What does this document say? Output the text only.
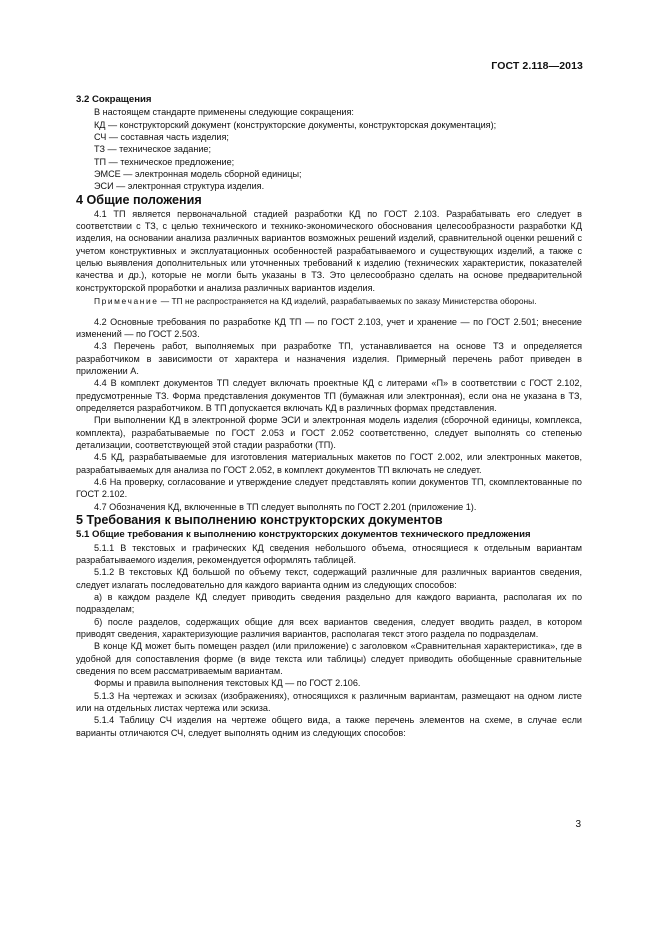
ГОСТ 2.118—2013

3.2 Сокращения

В настоящем стандарте применены следующие сокращения:

КД — конструкторский документ (конструкторские документы, конструкторская документация);

СЧ — составная часть изделия;

ТЗ — техническое задание;

ТП — техническое предложение;

ЭМСЕ — электронная модель сборной единицы;

ЭСИ — электронная структура изделия.

4 Общие положения

4.1 ТП является первоначальной стадией разработки КД по ГОСТ 2.103. Разрабатывать его следует в соответствии с ТЗ, с целью технического и технико-экономического обоснования целесообразности разработки КД изделия, на основании анализа различных вариантов возможных решений изделий, сравнительной оценки решений с учетом конструктивных и эксплуатационных особенностей разрабатываемого и существующих изделий, а также с целью выявления дополнительных или уточненных требований к изделию (технических характеристик, показателей качества и др.), которые не могли быть указаны в ТЗ. Это целесообразно сделать на основе предварительной конструкторской проработки и анализа различных вариантов изделия.

Примечание — ТП не распространяется на КД изделий, разрабатываемых по заказу Министерства обороны.

4.2 Основные требования по разработке КД ТП — по ГОСТ 2.103, учет и хранение — по ГОСТ 2.501; внесение изменений — по ГОСТ 2.503.

4.3 Перечень работ, выполняемых при разработке ТП, устанавливается на основе ТЗ и определяется разработчиком в зависимости от характера и назначения изделия. Примерный перечень работ приведен в приложении А.

4.4 В комплект документов ТП следует включать проектные КД с литерами «П» в соответствии с ГОСТ 2.102, предусмотренные ТЗ. Форма представления документов ТП (бумажная или электронная), если она не указана в ТЗ, определяется разработчиком. В ТП допускается включать КД в различных формах представления.

При выполнении КД в электронной форме ЭСИ и электронная модель изделия (сборочной единицы, комплекса, комплекта), разрабатываемые по ГОСТ 2.053 и ГОСТ 2.052 соответственно, следует выполнять со степенью детализации, соответствующей этой стадии разработки (ТП).

4.5 КД, разрабатываемые для изготовления материальных макетов по ГОСТ 2.002, или электронных макетов, разрабатываемых для анализа по ГОСТ 2.052, в комплект документов ТП включать не следует.

4.6 На проверку, согласование и утверждение следует представлять копии документов ТП, скомплектованные по ГОСТ 2.102.

4.7 Обозначения КД, включенные в ТП следует выполнять по ГОСТ 2.201 (приложение 1).

5 Требования к выполнению конструкторских документов

5.1 Общие требования к выполнению конструкторских документов технического предложения

5.1.1 В текстовых и графических КД сведения небольшого объема, относящиеся к отдельным вариантам разрабатываемого изделия, рекомендуется оформлять таблицей.

5.1.2 В текстовых КД большой по объему текст, содержащий различные для различных вариантов сведения, следует излагать последовательно для каждого варианта одним из следующих способов:

а) в каждом разделе КД следует приводить сведения раздельно для каждого варианта, располагая их по подразделам;

б) после разделов, содержащих общие для всех вариантов сведения, следует вводить раздел, в котором приводят сведения, характеризующие различия вариантов, располагая текст этого раздела по подразделам.

В конце КД может быть помещен раздел (или приложение) с заголовком «Сравнительная характеристика», где в удобной для сопоставления форме (в виде текста или таблицы) следует приводить обобщенные сравнительные сведения по всем рассматриваемым вариантам.

Формы и правила выполнения текстовых КД — по ГОСТ 2.106.

5.1.3 На чертежах и эскизах (изображениях), относящихся к различным вариантам, размещают на одном листе или на отдельных листах чертежа или эскиза.

5.1.4 Таблицу СЧ изделия на чертеже общего вида, а также перечень элементов на схеме, в случае если варианты отличаются СЧ, следует выполнять одним из следующих способов:

3
